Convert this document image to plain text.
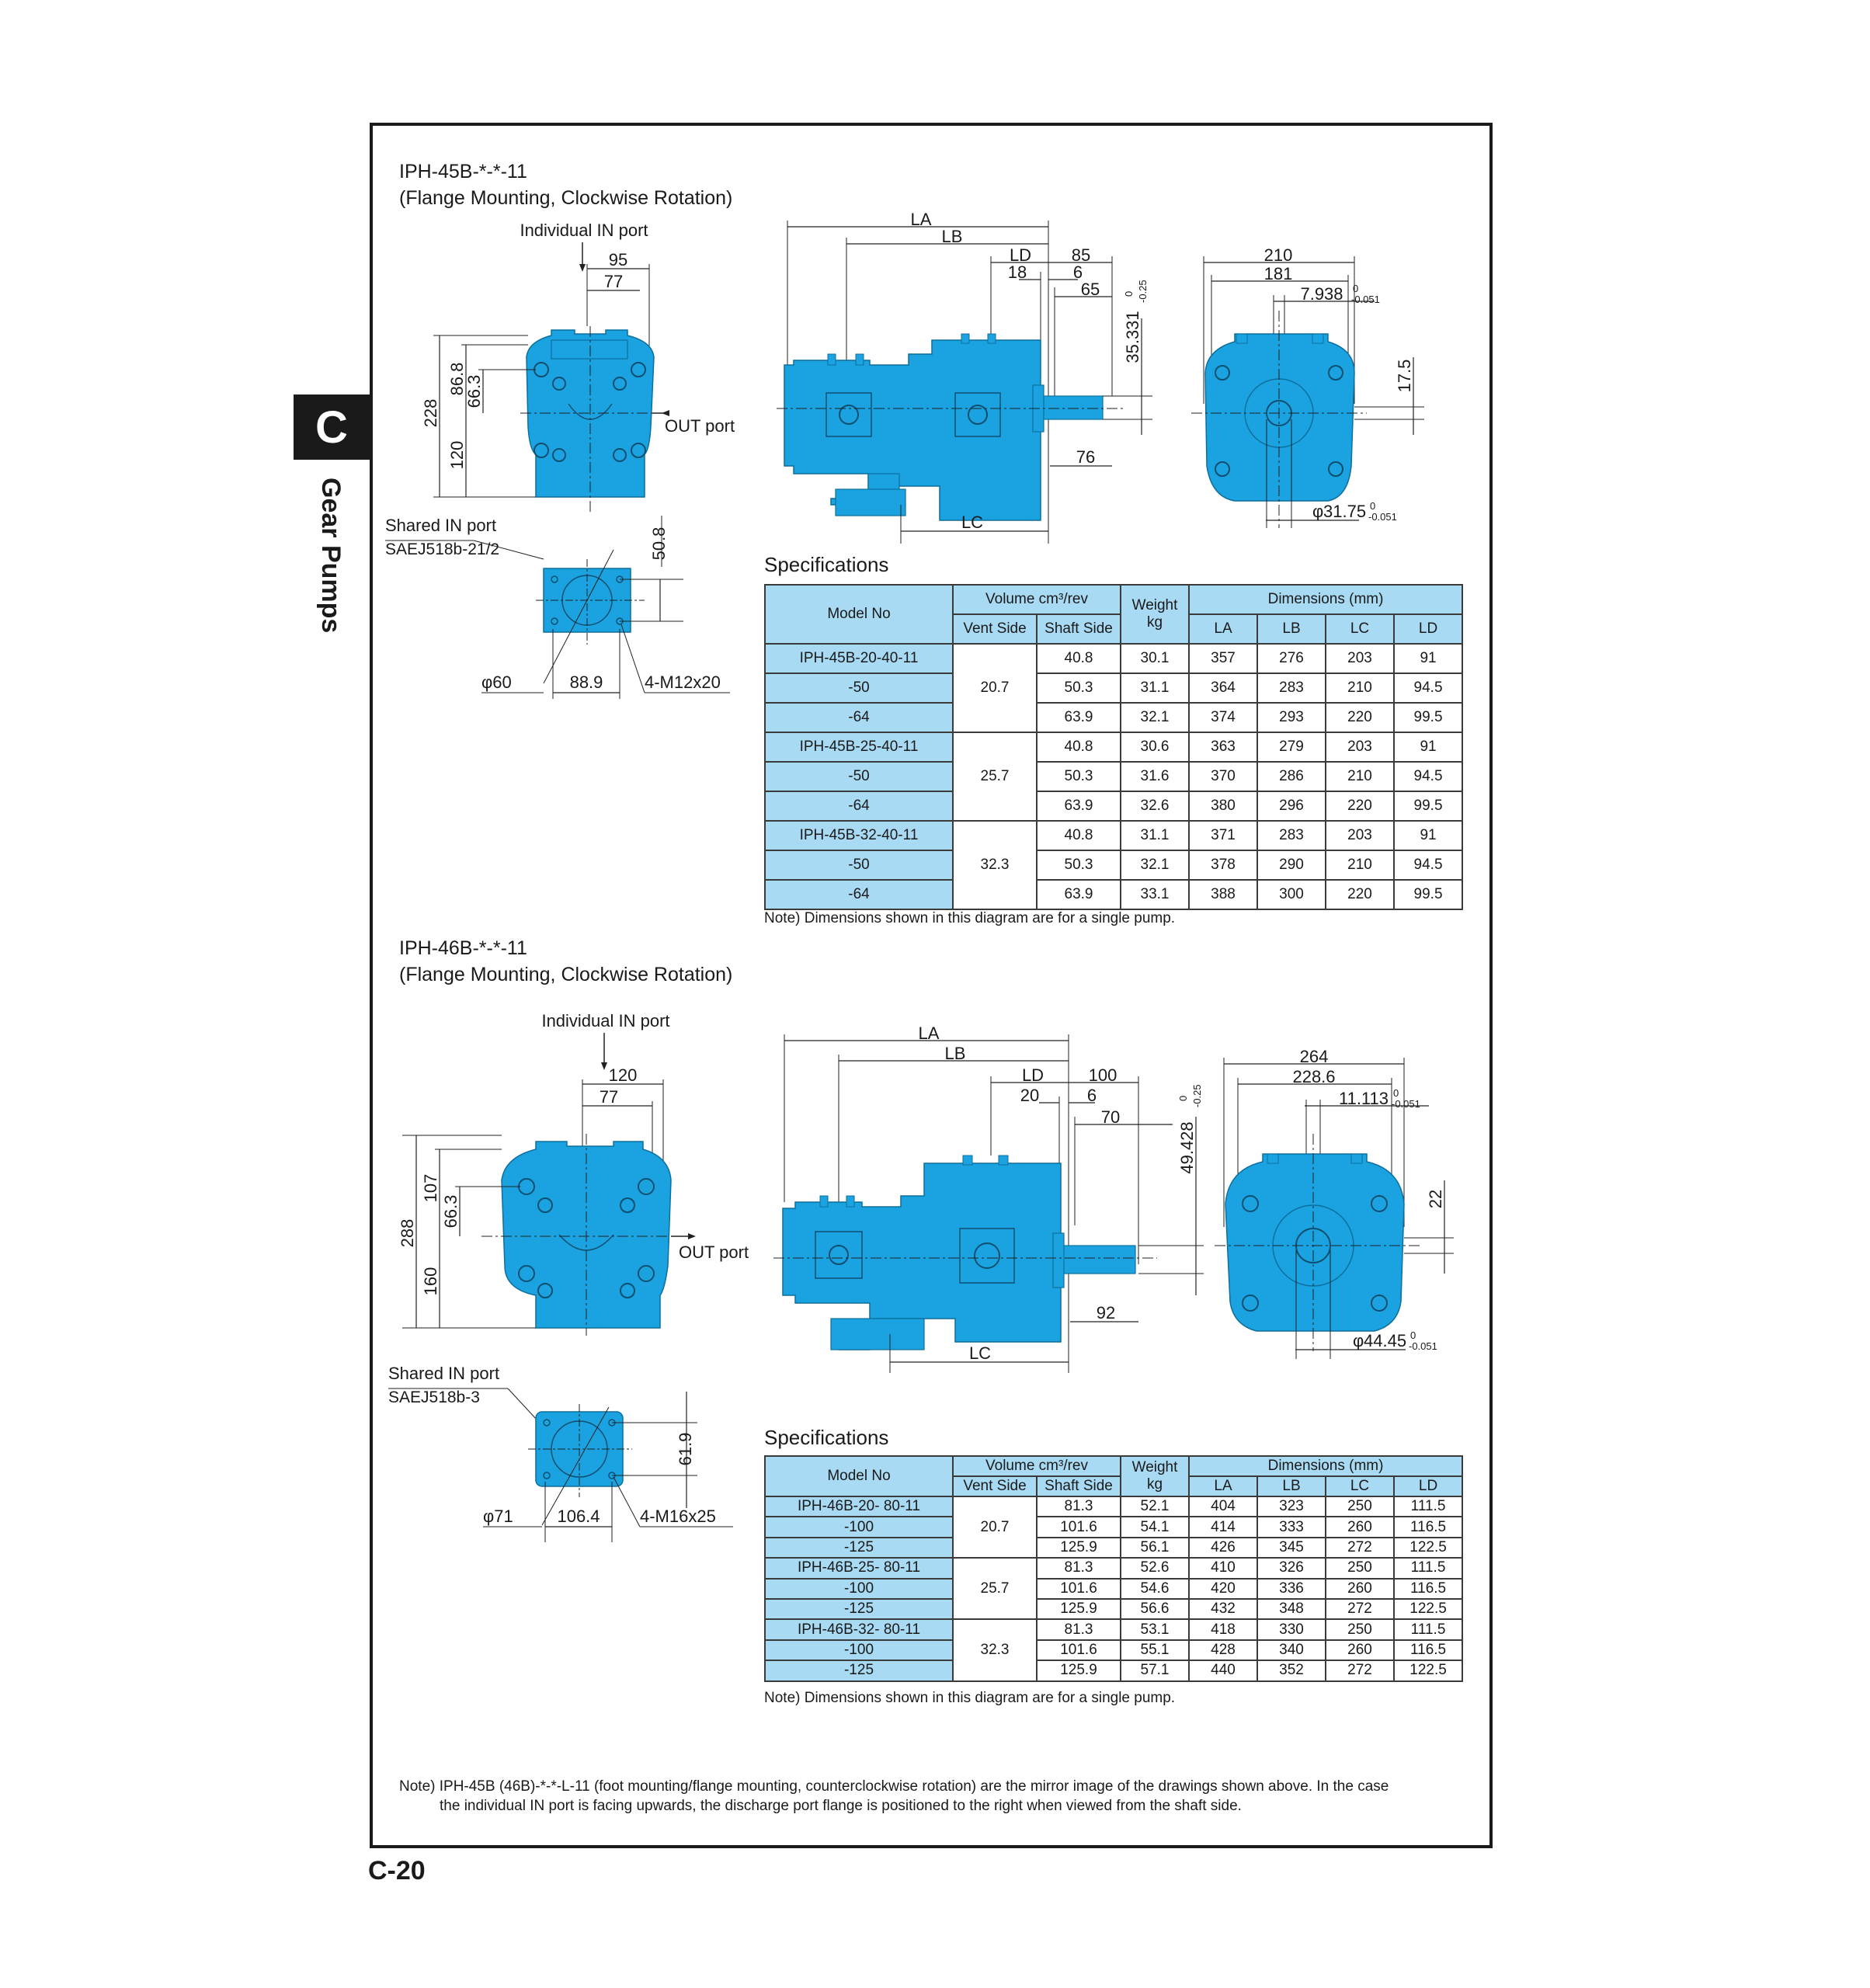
C
Gear Pumps
C-20
IPH-45B-*-*-11
(Flange Mounting, Clockwise Rotation)
Individual IN port
95
77
OUT port
228
86.8
66.3
120
LA
LB
LD 85
18	6
65
76
LC
35.331
0 -0.25
210
181
7.938 0
-0.051
17.5
φ 31.75 0
-0.051
Shared IN port
SAEJ518b-21/2	50.8
88.9
φ60	4-M12x20
Specifications
Model No	Volume cm³/rev		Weight
kg	Dimensions (mm)			
	Vent Side	Shaft Side		LA	LB	LC	LD
IPH-45B-20-40-11	20.7	40.8	30.1	357	276	203	91
-50		50.3	31.1	364	283	210	94.5
-64		63.9	32.1	374	293	220	99.5
IPH-45B-25-40-11	25.7	40.8	30.6	363	279	203	91
-50		50.3	31.6	370	286	210	94.5
-64		63.9	32.6	380	296	220	99.5
IPH-45B-32-40-11	32.3	40.8	31.1	371	283	203	91
-50		50.3	32.1	378	290	210	94.5
-64		63.9	33.1	388	300	220	99.5
Note) Dimensions shown in this diagram are for a single pump.
IPH-46B-*-*-11
(Flange Mounting, Clockwise Rotation)
Individual IN port
120
77
OUT port
288
107
66.3
160
LA
LB
LD	100
20	6
70
92
LC
49.428
0 -0.25
264
228.6
11.113 0
-0.051
22
φ 44.45 0
-0.051
Shared IN port
SAEJ518b-3
61.9
106.4
φ71	4-M16x25
Specifications
Model No	Volume cm³/rev		Weight
kg	Dimensions (mm)			
	Vent Side	Shaft Side		LA	LB	LC	LD
IPH-46B-20- 80-11	20.7	81.3	52.1	404	323	250	111.5
-100		101.6	54.1	414	333	260	116.5
-125		125.9	56.1	426	345	272	122.5
IPH-46B-25- 80-11	25.7	81.3	52.6	410	326	250	111.5
-100		101.6	54.6	420	336	260	116.5
-125		125.9	56.6	432	348	272	122.5
IPH-46B-32- 80-11	32.3	81.3	53.1	418	330	250	111.5
-100		101.6	55.1	428	340	260	116.5
-125		125.9	57.1	440	352	272	122.5
Note) Dimensions shown in this diagram are for a single pump.
Note) IPH-45B (46B)-*-*-L-11 (foot mounting/flange mounting, counterclockwise rotation) are the mirror image of the drawings shown above. In the case
the individual IN port is facing upwards, the discharge port flange is positioned to the right when viewed from the shaft side.
